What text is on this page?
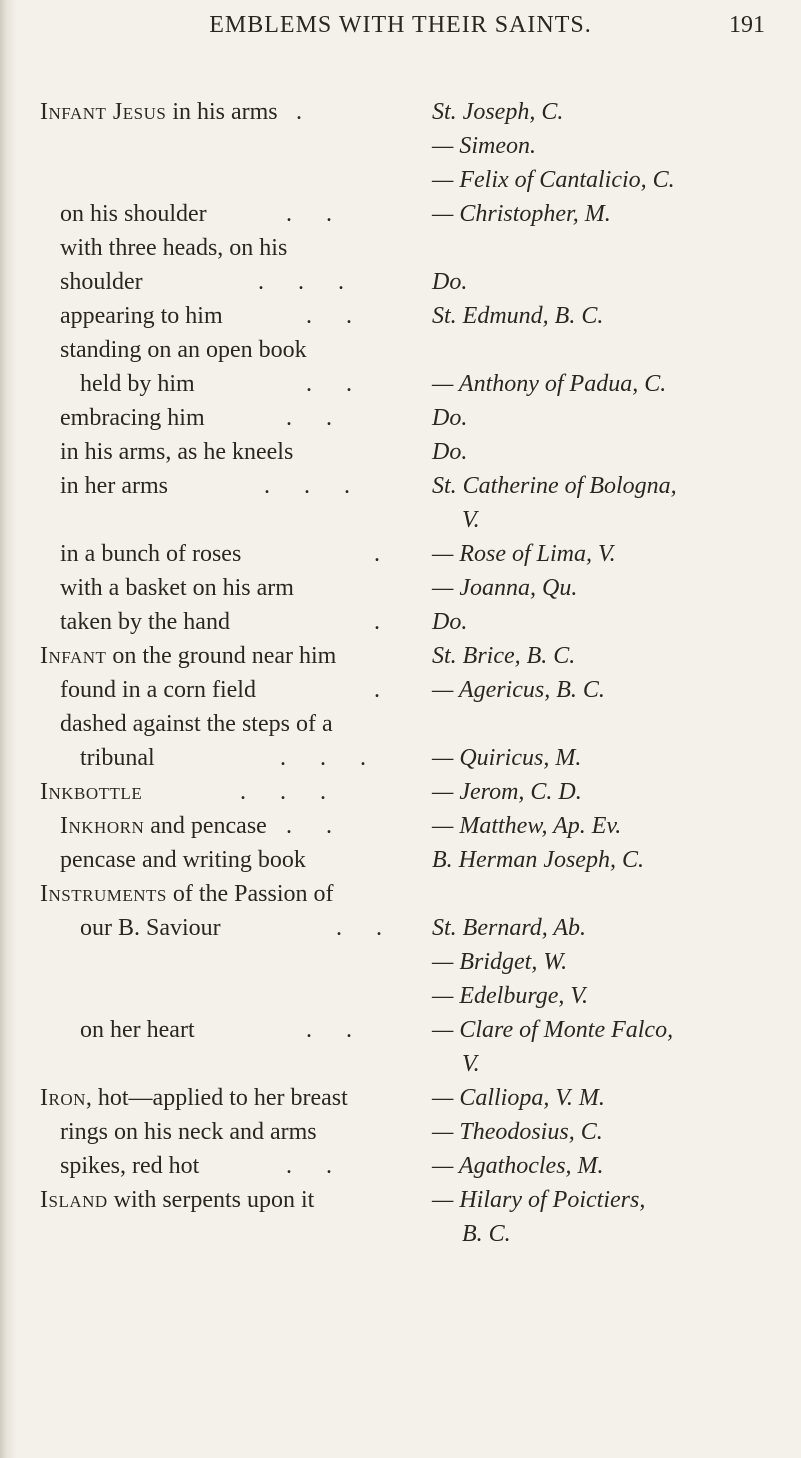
EMBLEMS WITH THEIR SAINTS.	191
Infant Jesus in his arms .	St. Joseph, C.
— Simeon.
— Felix of Cantalicio, C.
on his shoulder	. .	— Christopher, M.
with three heads, on his
shoulder	. . .	Do.
appearing to him	. .	St. Edmund, B. C.
standing on an open book
held by him	. .	— Anthony of Padua, C.
embracing him	. .	Do.
in his arms, as he kneels	Do.
in her arms	. . .	St. Catherine of Bologna,
V.
in a bunch of roses	. — Rose of Lima, V.
with a basket on his arm	— Joanna, Qu.
taken by the hand	. Do.
Infant on the ground near him	St. Brice, B. C.
found in a corn field	. — Agericus, B. C.
dashed against the steps of a
tribunal	. . . — Quiricus, M.
Inkbottle	. . .	— Jerom, C. D.
Inkhorn and pencase . .	— Matthew, Ap. Ev.
pencase and writing book	B. Herman Joseph, C.
Instruments of the Passion of
our B. Saviour	. . St. Bernard, Ab.
— Bridget, W.
— Edelburge, V.
on her heart	. .	— Clare of Monte Falco,
V.
Iron, hot—applied to her breast	— Calliopa, V. M.
rings on his neck and arms	— Theodosius, C.
spikes, red hot	. .	— Agathocles, M.
Island with serpents upon it	— Hilary of Poictiers,
B. C.
